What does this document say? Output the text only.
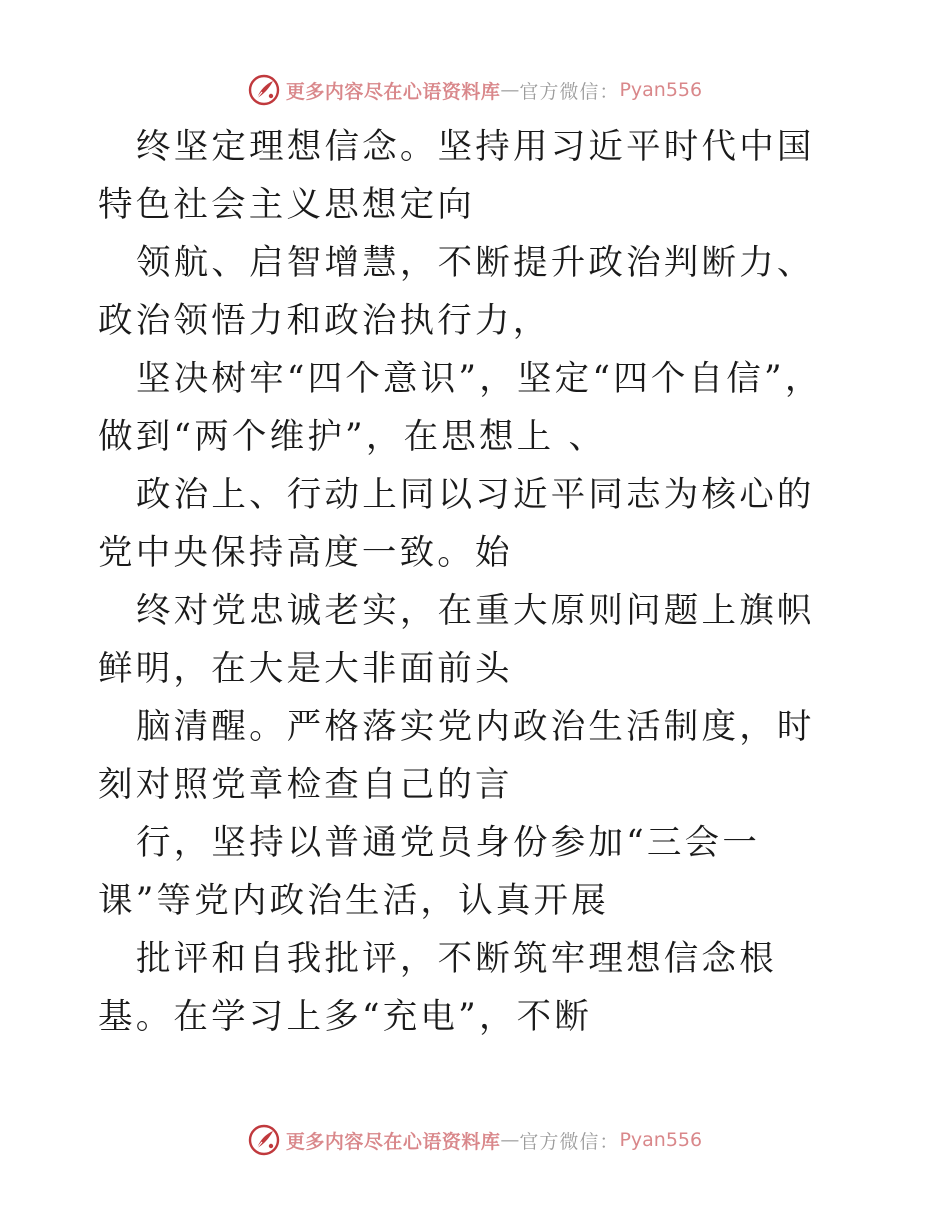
更多内容尽在心语资料库 — 官方微信： Pyan556

终坚定理想信念。坚持用习近平时代中国特色社会主义思想定向

领航、启智增慧，不断提升政治判断力、政治领悟力和政治执行力，

坚决树牢“四个意识”，坚定“四个自信”，做到“两个维护”，在思想上 、

政治上、行动上同以习近平同志为核心的党中央保持高度一致。始

终对党忠诚老实，在重大原则问题上旗帜鲜明，在大是大非面前头

脑清醒。严格落实党内政治生活制度，时刻对照党章检查自己的言

行，坚持以普通党员身份参加“三会一课”等党内政治生活，认真开展

批评和自我批评，不断筑牢理想信念根基。在学习上多“充电”，不断

更多内容尽在心语资料库 — 官方微信： Pyan556
